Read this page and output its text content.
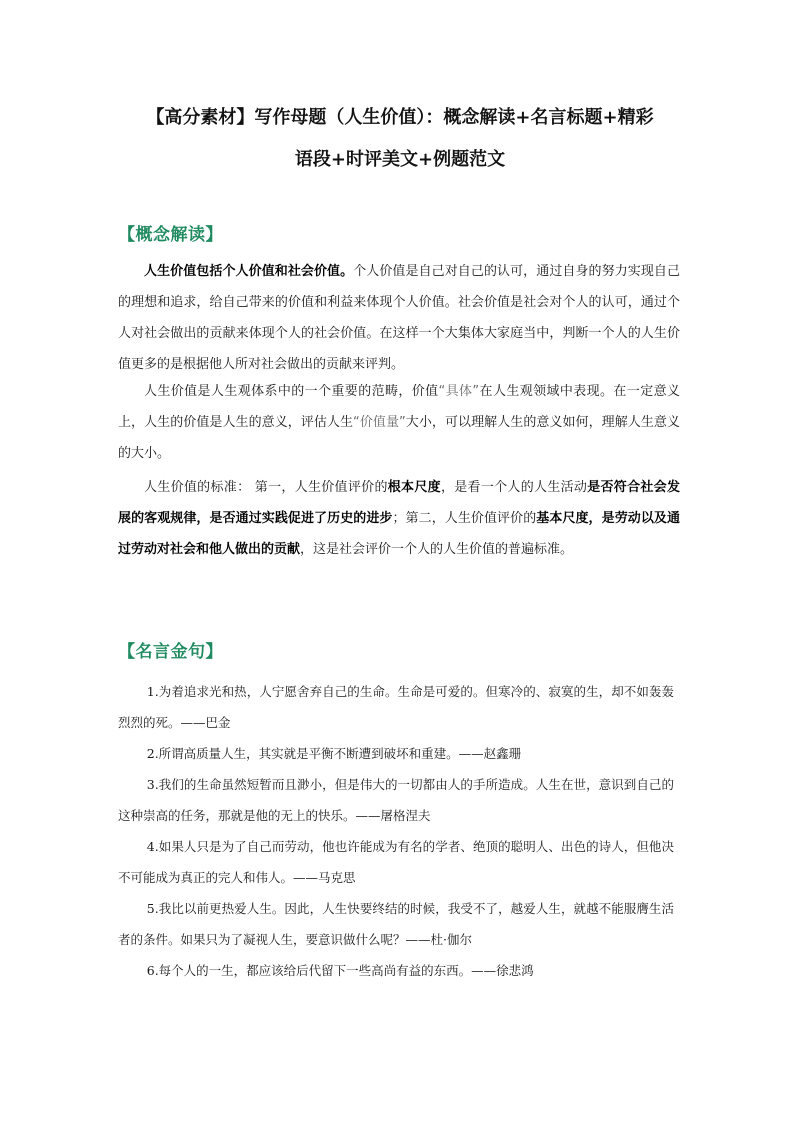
【高分素材】写作母题（人生价值）：概念解读+名言标题+精彩
语段+时评美文+例题范文
【概念解读】
人生价值包括个人价值和社会价值。个人价值是自己对自己的认可，通过自身的努力实现自己的理想和追求，给自己带来的价值和利益来体现个人价值。社会价值是社会对个人的认可，通过个人对社会做出的贡献来体现个人的社会价值。在这样一个大集体大家庭当中，判断一个人的人生价值更多的是根据他人所对社会做出的贡献来评判。
人生价值是人生观体系中的一个重要的范畴，价值“具体”在人生观领域中表现。在一定意义上，人生的价值是人生的意义，评估人生“价值量”大小，可以理解人生的意义如何，理解人生意义的大小。
人生价值的标准： 第一，人生价值评价的根本尺度，是看一个人的人生活动是否符合社会发展的客观规律，是否通过实践促进了历史的进步；第二，人生价值评价的基本尺度，是劳动以及通过劳动对社会和他人做出的贡献，这是社会评价一个人的人生价值的普遍标准。
【名言金句】
1.为着追求光和热，人宁愿舍弃自己的生命。生命是可爱的。但寒冷的、寂寞的生，却不如轰轰烈烈的死。——巴金
2.所谓高质量人生，其实就是平衡不断遭到破坏和重建。——赵鑫珊
3.我们的生命虽然短暂而且渺小，但是伟大的一切都由人的手所造成。人生在世，意识到自己的这种崇高的任务，那就是他的无上的快乐。——屠格涅夫
4.如果人只是为了自己而劳动，他也许能成为有名的学者、绝顶的聪明人、出色的诗人，但他决不可能成为真正的完人和伟人。——马克思
5.我比以前更热爱人生。因此，人生快要终结的时候，我受不了，越爱人生，就越不能服膺生活者的条件。如果只为了凝视人生，要意识做什么呢？——杜·伽尔
6.每个人的一生，都应该给后代留下一些高尚有益的东西。——徐悲鸿
